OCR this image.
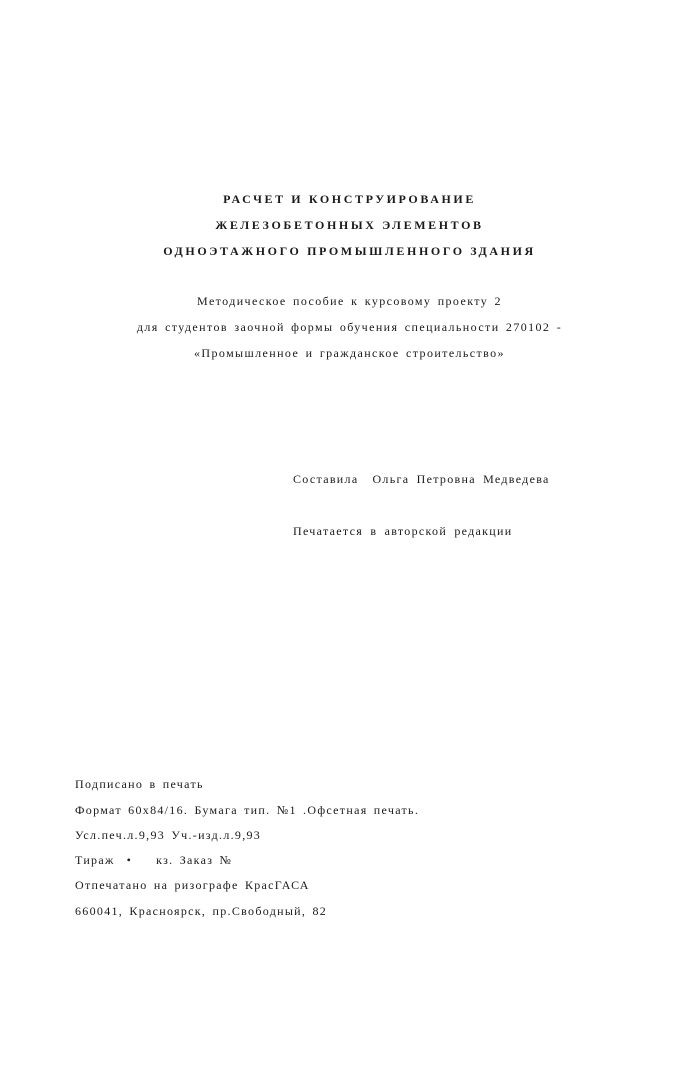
РАСЧЕТ И КОНСТРУИРОВАНИЕ
ЖЕЛЕЗОБЕТОННЫХ ЭЛЕМЕНТОВ
ОДНОЭТАЖНОГО ПРОМЫШЛЕННОГО ЗДАНИЯ
Методическое пособие к курсовому проекту 2
для студентов заочной формы обучения специальности 270102 -
«Промышленное и гражданское строительство»
Составила Ольга Петровна Медведева
Печатается в авторской редакции
Подписано в печать
Формат 60x84/16. Бумага тип. №1 .Офсетная печать.
Усл.печ.л.9,93 Уч.-изд.л.9,93
Тираж • кз. Заказ №
Отпечатано на ризографе КрасГАСА
660041, Красноярск, пр.Свободный, 82
